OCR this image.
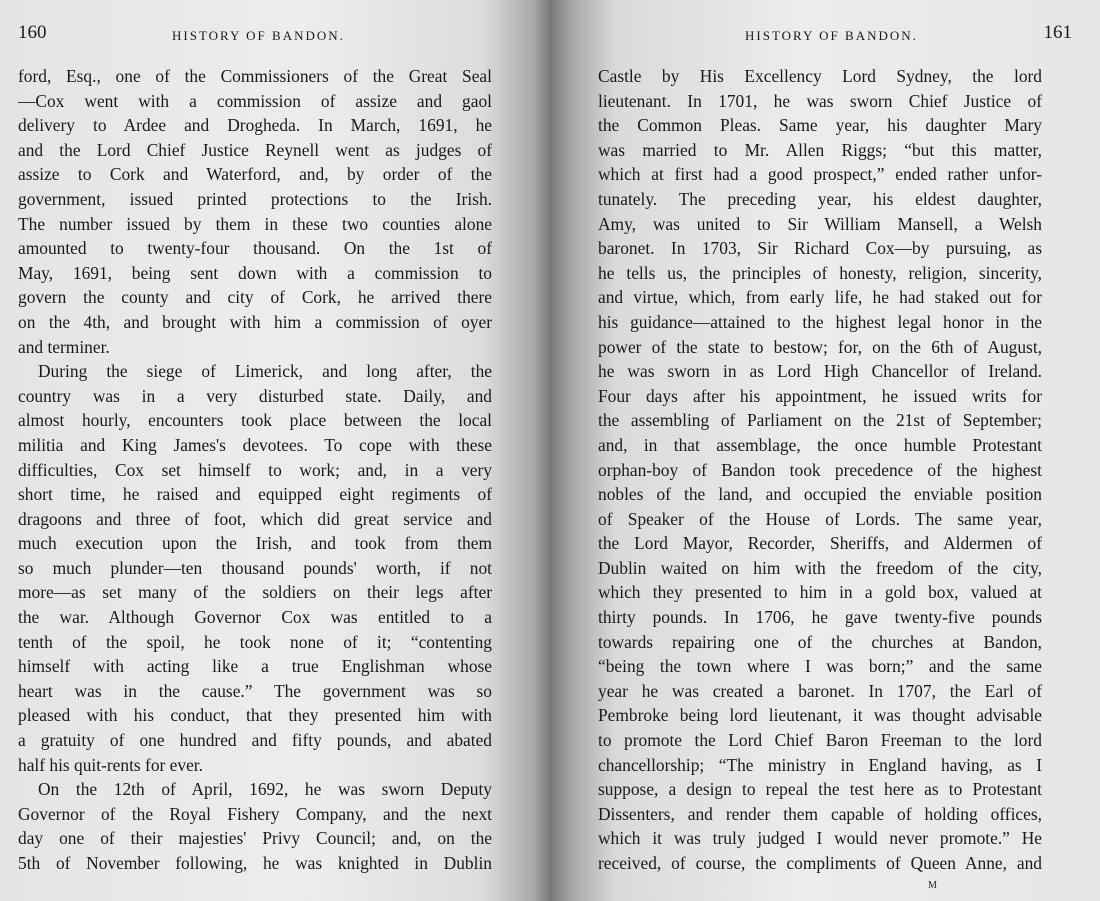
160	HISTORY OF BANDON.	HISTORY OF BANDON.	161
ford, Esq., one of the Commissioners of the Great Seal
—Cox went with a commission of assize and gaol
delivery to Ardee and Drogheda. In March, 1691, he
and the Lord Chief Justice Reynell went as judges of
assize to Cork and Waterford, and, by order of the
government, issued printed protections to the Irish.
The number issued by them in these two counties alone
amounted to twenty-four thousand. On the 1st of
May, 1691, being sent down with a commission to
govern the county and city of Cork, he arrived there
on the 4th, and brought with him a commission of oyer
and terminer.
During the siege of Limerick, and long after, the
country was in a very disturbed state. Daily, and
almost hourly, encounters took place between the local
militia and King James's devotees. To cope with these
difficulties, Cox set himself to work; and, in a very
short time, he raised and equipped eight regiments of
dragoons and three of foot, which did great service and
much execution upon the Irish, and took from them
so much plunder—ten thousand pounds' worth, if not
more—as set many of the soldiers on their legs after
the war. Although Governor Cox was entitled to a
tenth of the spoil, he took none of it; “contenting
himself with acting like a true Englishman whose
heart was in the cause.” The government was so
pleased with his conduct, that they presented him with
a gratuity of one hundred and fifty pounds, and abated
half his quit-rents for ever.
On the 12th of April, 1692, he was sworn Deputy
Governor of the Royal Fishery Company, and the next
day one of their majesties' Privy Council; and, on the
5th of November following, he was knighted in Dublin
Castle by His Excellency Lord Sydney, the lord
lieutenant. In 1701, he was sworn Chief Justice of
the Common Pleas. Same year, his daughter Mary
was married to Mr. Allen Riggs; “but this matter,
which at first had a good prospect,” ended rather unfor-
tunately. The preceding year, his eldest daughter,
Amy, was united to Sir William Mansell, a Welsh
baronet. In 1703, Sir Richard Cox—by pursuing, as
he tells us, the principles of honesty, religion, sincerity,
and virtue, which, from early life, he had staked out for
his guidance—attained to the highest legal honor in the
power of the state to bestow; for, on the 6th of August,
he was sworn in as Lord High Chancellor of Ireland.
Four days after his appointment, he issued writs for
the assembling of Parliament on the 21st of September;
and, in that assemblage, the once humble Protestant
orphan-boy of Bandon took precedence of the highest
nobles of the land, and occupied the enviable position
of Speaker of the House of Lords. The same year,
the Lord Mayor, Recorder, Sheriffs, and Aldermen of
Dublin waited on him with the freedom of the city,
which they presented to him in a gold box, valued at
thirty pounds. In 1706, he gave twenty-five pounds
towards repairing one of the churches at Bandon,
“being the town where I was born;” and the same
year he was created a baronet. In 1707, the Earl of
Pembroke being lord lieutenant, it was thought advisable
to promote the Lord Chief Baron Freeman to the lord
chancellorship; “The ministry in England having, as I
suppose, a design to repeal the test here as to Protestant
Dissenters, and render them capable of holding offices,
which it was truly judged I would never promote.” He
received, of course, the compliments of Queen Anne, and
M
